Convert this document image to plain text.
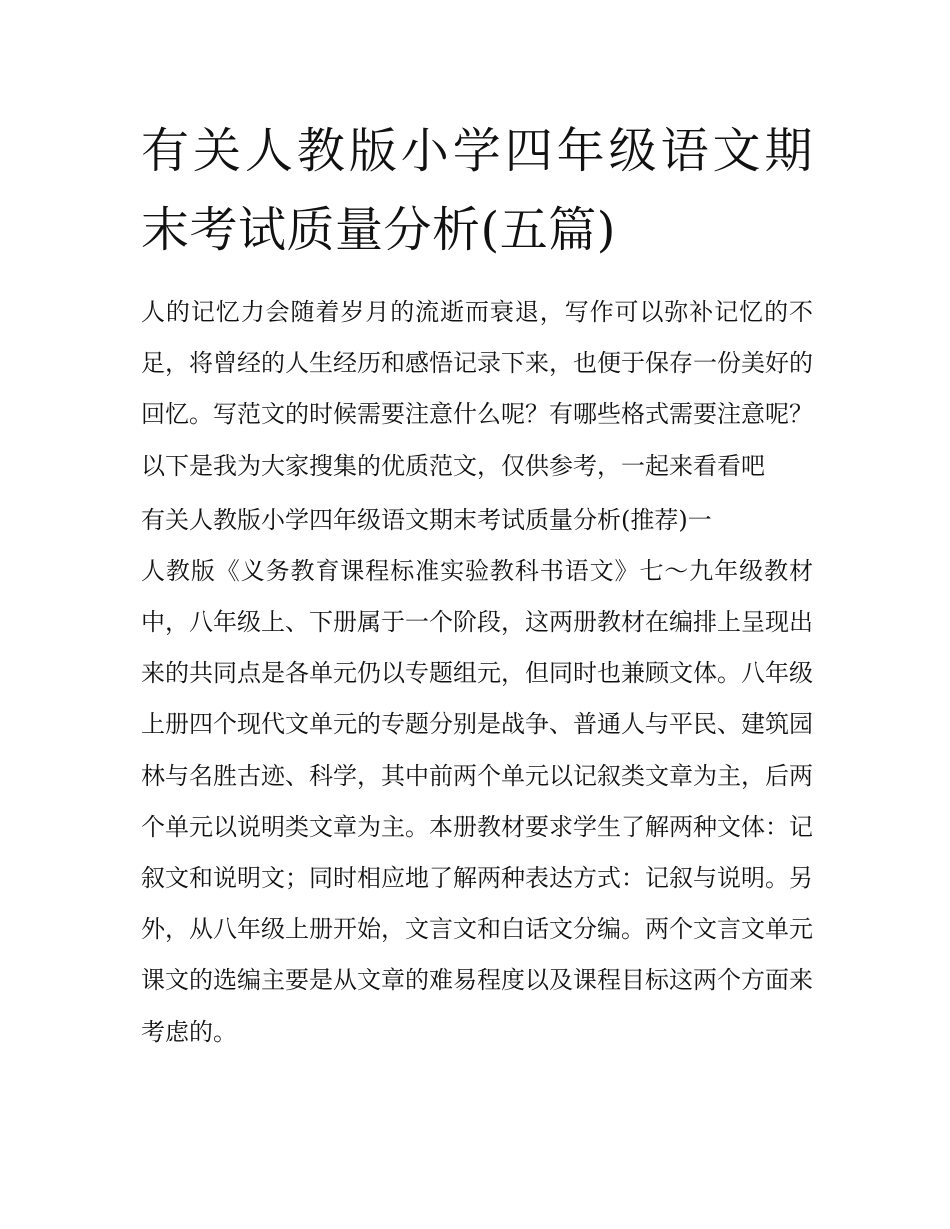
有关人教版小学四年级语文期末考试质量分析(五篇)

人的记忆力会随着岁月的流逝而衰退，写作可以弥补记忆的不足，将曾经的人生经历和感悟记录下来，也便于保存一份美好的回忆。写范文的时候需要注意什么呢？有哪些格式需要注意呢？以下是我为大家搜集的优质范文，仅供参考，一起来看看吧

有关人教版小学四年级语文期末考试质量分析(推荐)一

人教版《义务教育课程标准实验教科书语文》七～九年级教材中，八年级上、下册属于一个阶段，这两册教材在编排上呈现出来的共同点是各单元仍以专题组元，但同时也兼顾文体。八年级上册四个现代文单元的专题分别是战争、普通人与平民、建筑园林与名胜古迹、科学，其中前两个单元以记叙类文章为主，后两个单元以说明类文章为主。本册教材要求学生了解两种文体：记叙文和说明文；同时相应地了解两种表达方式：记叙与说明。另外，从八年级上册开始，文言文和白话文分编。两个文言文单元课文的选编主要是从文章的难易程度以及课程目标这两个方面来考虑的。
